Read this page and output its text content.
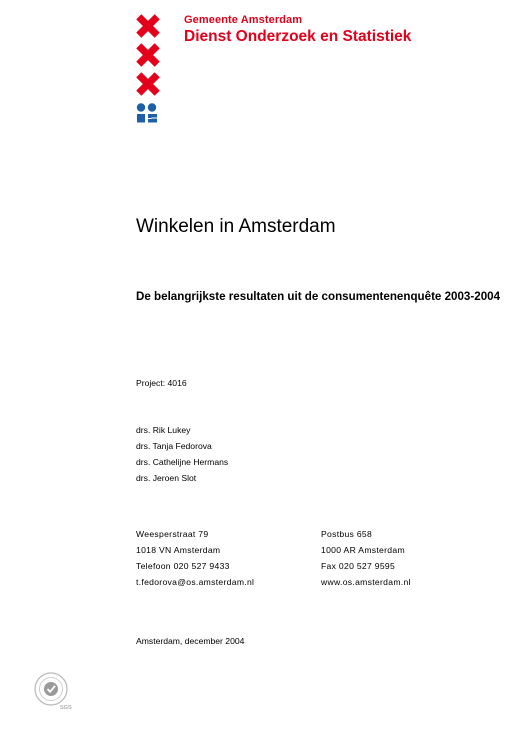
Gemeente Amsterdam
Dienst Onderzoek en Statistiek
Winkelen in Amsterdam
De belangrijkste resultaten uit de consumentenenquête 2003-2004
Project: 4016
drs. Rik Lukey
drs. Tanja Fedorova
drs. Cathelijne Hermans
drs. Jeroen Slot
Weesperstraat 79
1018 VN Amsterdam
Telefoon 020 527 9433
t.fedorova@os.amsterdam.nl
Postbus 658
1000 AR Amsterdam
Fax 020 527 9595
www.os.amsterdam.nl
Amsterdam, december 2004
SGS
